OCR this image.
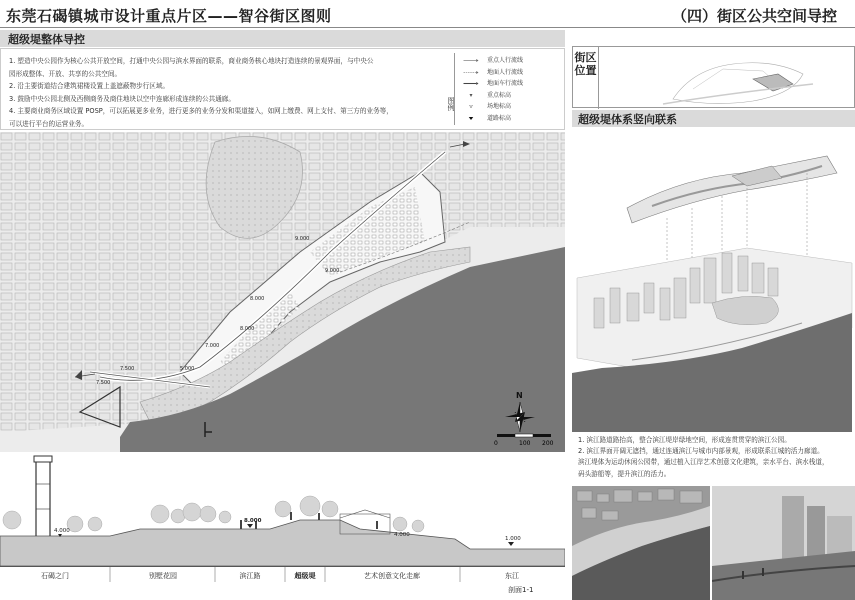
东莞石碣镇城市设计重点片区——智谷街区图则	（四）街区公共空间导控
超级堤整体导控
1. 塑造中央公园作为核心公共开放空间，打通中央公园与滨水界面的联系，商业商务核心地块打造连续的景观界面，与中央公
园形成整体、开放、共享的公共空间。
2. 沿主要街道结合建筑裙楼设置上盖遮蔽物步行区域。
3. 鼓励中央公园北侧及西侧商务及商住地块以空中连廊形成连续的公共通廊。
4. 主要商业商务区域设置 POSP，可以拓展更多业务，进行更多的业务分发和渠道接入，如网上缴费、网上支付、第三方的业务等，
可以进行平台的运营业务。
图例
重点人行流线
地面人行流线
地面车行流线
重点标高
场地标高
道路标高
9.000
9.000
8.000
8.000
7.000
5.000
7.500
7.500
N
0	100 200
4.000
8.000
4.000
1.000
石碣之门	别墅花园	滨江路	超级堤	艺术创意文化走廊	东江
剖面1-1
街区位置
超级堤体系竖向联系
1. 滨江路道路抬高，整合滨江堤岸绿地空间，形成连贯贯穿的滨江公园。
2. 滨江界面开阔无遮挡，通过连通滨江与城市内部景观，形成联系江城的活力廊道。
滨江堤体为运动休闲公园带，通过植入江岸艺术创意文化建筑，亲水平台、滨水栈道，
码头游船等，提升滨江的活力。
